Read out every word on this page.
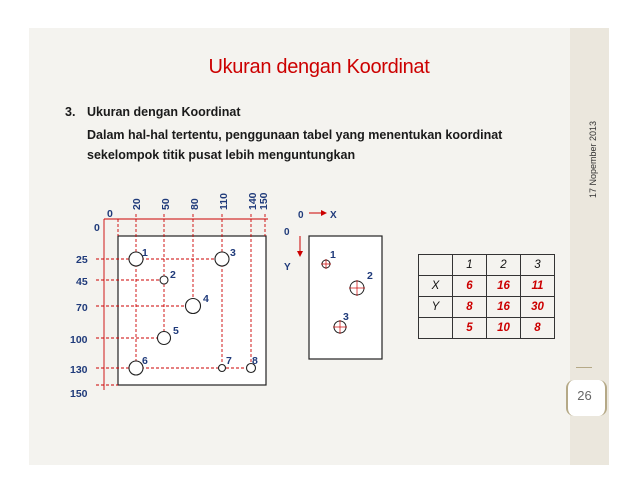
Ukuran dengan Koordinat
3. Ukuran dengan Koordinat
Dalam hal-hal tertentu, penggunaan tabel yang menentukan koordinat sekelompok titik pusat lebih menguntungkan	17 Nopember 2013
26
20 50 80 110 140 150
0
0
25
45
70
100
130
150
1
2
3
4
5
6	7 8
0	X
0
Y
1
2
3
	1	2	3
X	6	16	11
Y	8	16	30
	5	10	8
